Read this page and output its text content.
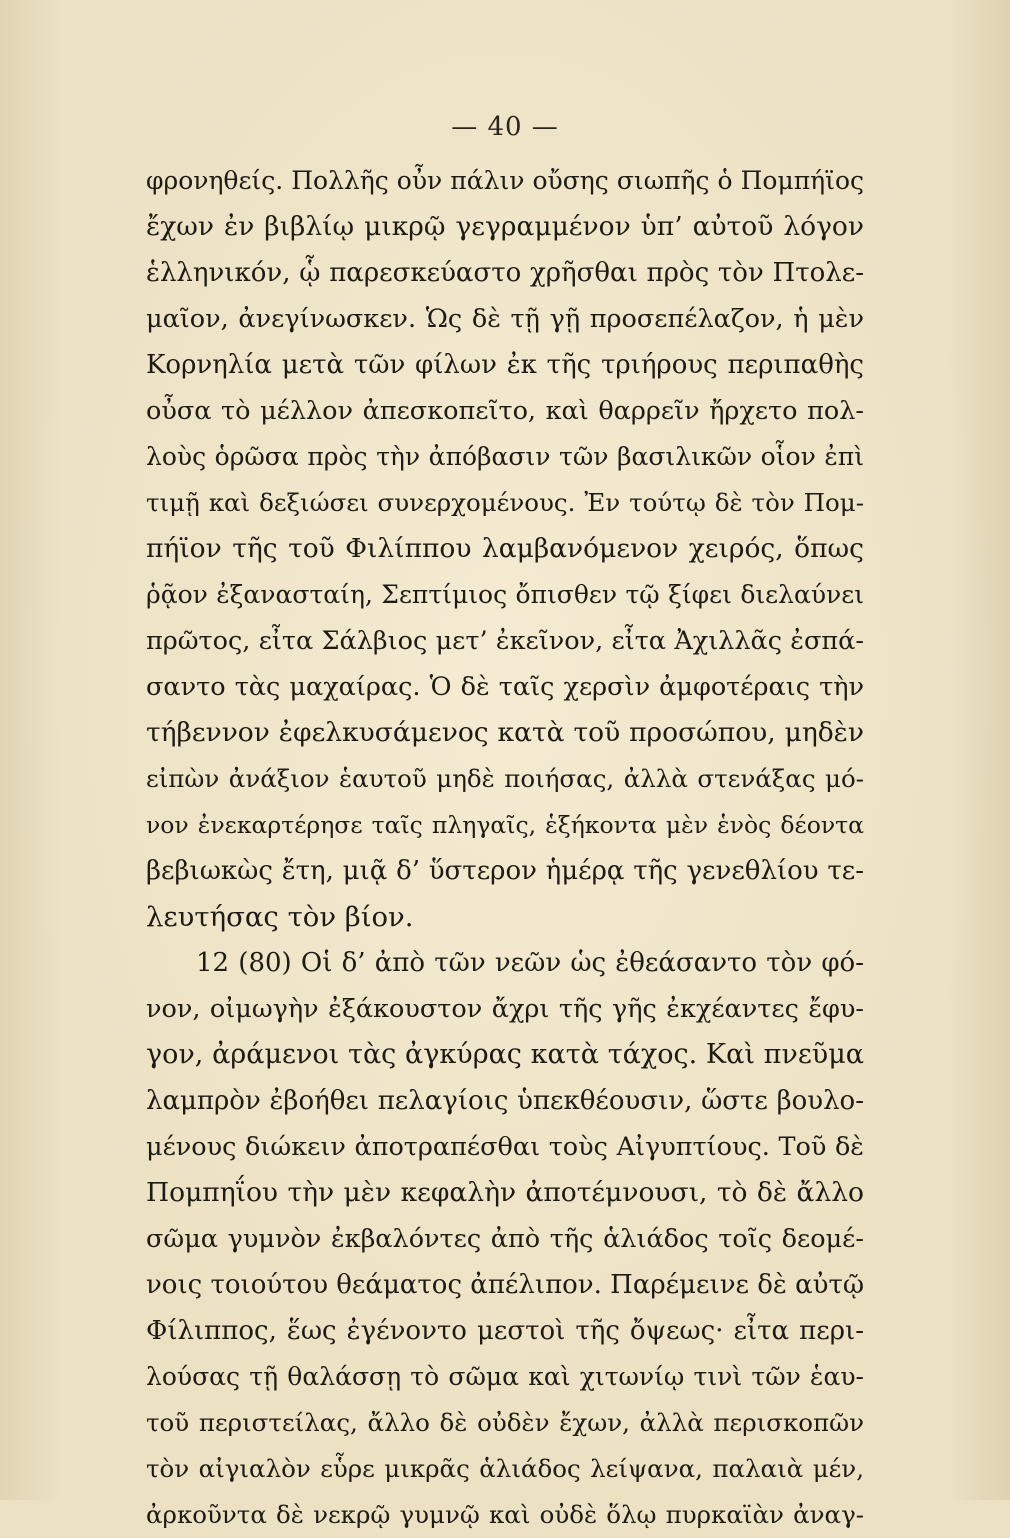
— 40 —
φρονηθείς. Πολλῆς οὖν πάλιν οὔσης σιωπῆς ὁ Πομπήϊος
ἔχων ἐν βιβλίῳ μικρῷ γεγραμμένον ὑπ’ αὐτοῦ λόγον
ἑλληνικόν, ᾧ παρεσκεύαστο χρῆσθαι πρὸς τὸν Πτολε-
μαῖον, ἀνεγίνωσκεν. Ὡς δὲ τῇ γῇ προσεπέλαζον, ἡ μὲν
Κορνηλία μετὰ τῶν φίλων ἐκ τῆς τριήρους περιπαθὴς
οὖσα τὸ μέλλον ἀπεσκοπεῖτο, καὶ θαρρεῖν ἤρχετο πολ-
λοὺς ὁρῶσα πρὸς τὴν ἀπόβασιν τῶν βασιλικῶν οἷον ἐπὶ
τιμῇ καὶ δεξιώσει συνερχομένους. Ἐν τούτῳ δὲ τὸν Πομ-
πήϊον τῆς τοῦ Φιλίππου λαμβανόμενον χειρός, ὅπως
ῥᾷον ἐξανασταίη, Σεπτίμιος ὄπισθεν τῷ ξίφει διελαύνει
πρῶτος, εἶτα Σάλβιος μετ’ ἐκεῖνον, εἶτα Ἀχιλλᾶς ἐσπά-
σαντο τὰς μαχαίρας. Ὁ δὲ ταῖς χερσὶν ἀμφοτέραις τὴν
τήβεννον ἐφελκυσάμενος κατὰ τοῦ προσώπου, μηδὲν
εἰπὼν ἀνάξιον ἑαυτοῦ μηδὲ ποιήσας, ἀλλὰ στενάξας μό-
νον ἐνεκαρτέρησε ταῖς πληγαῖς, ἑξήκοντα μὲν ἑνὸς δέοντα
βεβιωκὼς ἔτη, μιᾷ δ’ ὕστερον ἡμέρᾳ τῆς γενεθλίου τε-
λευτήσας τὸν βίον.
12 (80) Οἱ δ’ ἀπὸ τῶν νεῶν ὡς ἐθεάσαντο τὸν φό-
νον, οἰμωγὴν ἐξάκουστον ἄχρι τῆς γῆς ἐκχέαντες ἔφυ-
γον, ἀράμενοι τὰς ἀγκύρας κατὰ τάχος. Καὶ πνεῦμα
λαμπρὸν ἐβοήθει πελαγίοις ὑπεκθέουσιν, ὥστε βουλο-
μένους διώκειν ἀποτραπέσθαι τοὺς Αἰγυπτίους. Τοῦ δὲ
Πομπηΐου τὴν μὲν κεφαλὴν ἀποτέμνουσι, τὸ δὲ ἄλλο
σῶμα γυμνὸν ἐκβαλόντες ἀπὸ τῆς ἁλιάδος τοῖς δεομέ-
νοις τοιούτου θεάματος ἀπέλιπον. Παρέμεινε δὲ αὐτῷ
Φίλιππος, ἕως ἐγένοντο μεστοὶ τῆς ὄψεως· εἶτα περι-
λούσας τῇ θαλάσσῃ τὸ σῶμα καὶ χιτωνίῳ τινὶ τῶν ἑαυ-
τοῦ περιστείλας, ἄλλο δὲ οὐδὲν ἔχων, ἀλλὰ περισκοπῶν
τὸν αἰγιαλὸν εὗρε μικρᾶς ἁλιάδος λείψανα, παλαιὰ μέν,
ἀρκοῦντα δὲ νεκρῷ γυμνῷ καὶ οὐδὲ ὅλῳ πυρκαϊὰν ἀναγ-
